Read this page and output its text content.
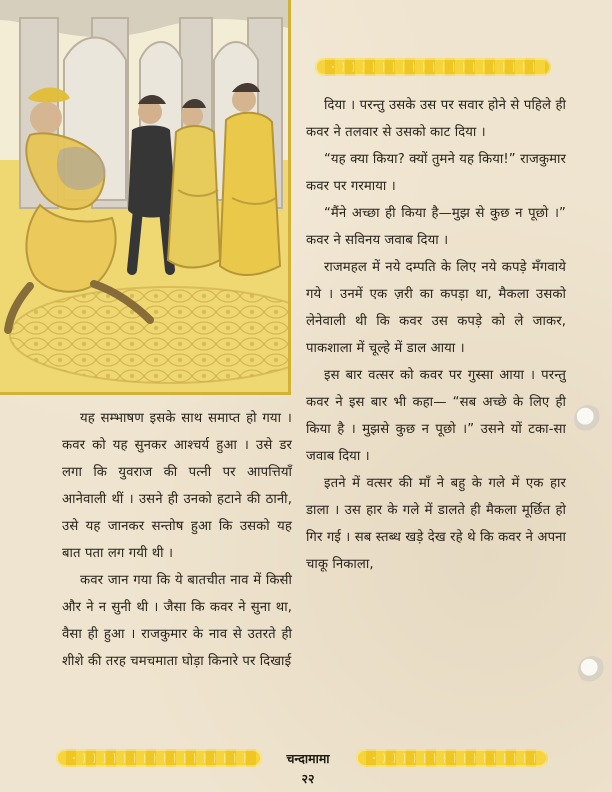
दिया । परन्तु उसके उस पर सवार होने से पहिले ही कवर ने तलवार से उसको काट दिया ।

“यह क्या किया? क्यों तुमने यह किया!” राजकुमार कवर पर गरमाया ।

“मैंने अच्छा ही किया है—मुझ से कुछ न पूछो ।” कवर ने सविनय जवाब दिया ।

राजमहल में नये दम्पति के लिए नये कपड़े मँगवाये गये । उनमें एक ज़री का कपड़ा था, मैकला उसको लेनेवाली थी कि कवर उस कपड़े को ले जाकर, पाकशाला में चूल्हे में डाल आया ।

इस बार वत्सर को कवर पर गुस्सा आया । परन्तु कवर ने इस बार भी कहा— “सब अच्छे के लिए ही किया है । मुझसे कुछ न पूछो ।” उसने यों टका-सा जवाब दिया ।

इतने में वत्सर की माँ ने बहु के गले में एक हार डाला । उस हार के गले में डालते ही मैकला मूर्छित हो गिर गई । सब स्तब्ध खड़े देख रहे थे कि कवर ने अपना चाकू निकाला,

यह सम्भाषण इसके साथ समाप्त हो गया । कवर को यह सुनकर आश्चर्य हुआ । उसे डर लगा कि युवराज की पत्नी पर आपत्तियाँ आनेवाली थीं । उसने ही उनको हटाने की ठानी, उसे यह जानकर सन्तोष हुआ कि उसको यह बात पता लग गयी थी ।

कवर जान गया कि ये बातचीत नाव में किसी और ने न सुनी थी । जैसा कि कवर ने सुना था, वैसा ही हुआ । राजकुमार के नाव से उतरते ही शीशे की तरह चमचमाता घोड़ा किनारे पर दिखाई

चन्दामामा
२२
